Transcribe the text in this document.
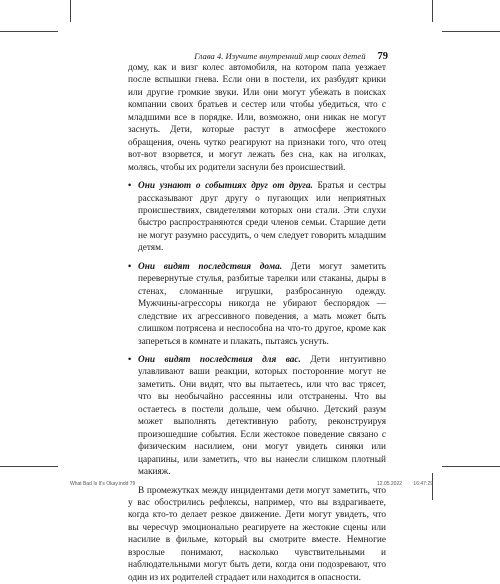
Глава 4. Изучите внутренний мир своих детей 79

дому, как и визг колес автомобиля, на котором папа уезжает после вспышки гнева. Если они в постели, их разбудят крики или другие громкие звуки. Или они могут убежать в поисках компании своих братьев и сестер или чтобы убедиться, что с младшими все в порядке. Или, возможно, они никак не могут заснуть. Дети, которые растут в атмосфере жестокого обращения, очень чутко реагируют на признаки того, что отец вот-вот взорвется, и могут лежать без сна, как на иголках, молясь, чтобы их родители заснули без происшествий.

• Они узнают о событиях друг от друга. Братья и сестры рассказывают друг другу о пугающих или неприятных происшествиях, свидетелями которых они стали. Эти слухи быстро распространяются среди членов семьи. Старшие дети не могут разумно рассудить, о чем следует говорить младшим детям.
• Они видят последствия дома. Дети могут заметить перевернутые стулья, разбитые тарелки или стаканы, дыры в стенах, сломанные игрушки, разбросанную одежду. Мужчины-агрессоры никогда не убирают беспорядок — следствие их агрессивного поведения, а мать может быть слишком потрясена и неспособна на что-то другое, кроме как запереться в комнате и плакать, пытаясь уснуть.
• Они видят последствия для вас. Дети интуитивно улавливают ваши реакции, которых посторонние могут не заметить. Они видят, что вы пытаетесь, или что вас трясет, что вы необычайно рассеянны или отстранены. Что вы остаетесь в постели дольше, чем обычно. Детский разум может выполнять детективную работу, реконструируя произошедшие события. Если жестокое поведение связано с физическим насилием, они могут увидеть синяки или царапины, или заметить, что вы нанесли слишком плотный макияж.

В промежутках между инцидентами дети могут заметить, что у вас обострились рефлексы, например, что вы вздрагиваете, когда кто-то делает резкое движение. Дети могут увидеть, что вы чересчур эмоционально реагируете на жестокие сцены или насилие в фильме, который вы смотрите вместе. Немногие взрослые понимают, насколько чувствительными и наблюдательными могут быть дети, когда они подозревают, что один из их родителей страдает или находится в опасности.

What Bad Is It's Okay.indd 79	12.05.2022 16:47:29
